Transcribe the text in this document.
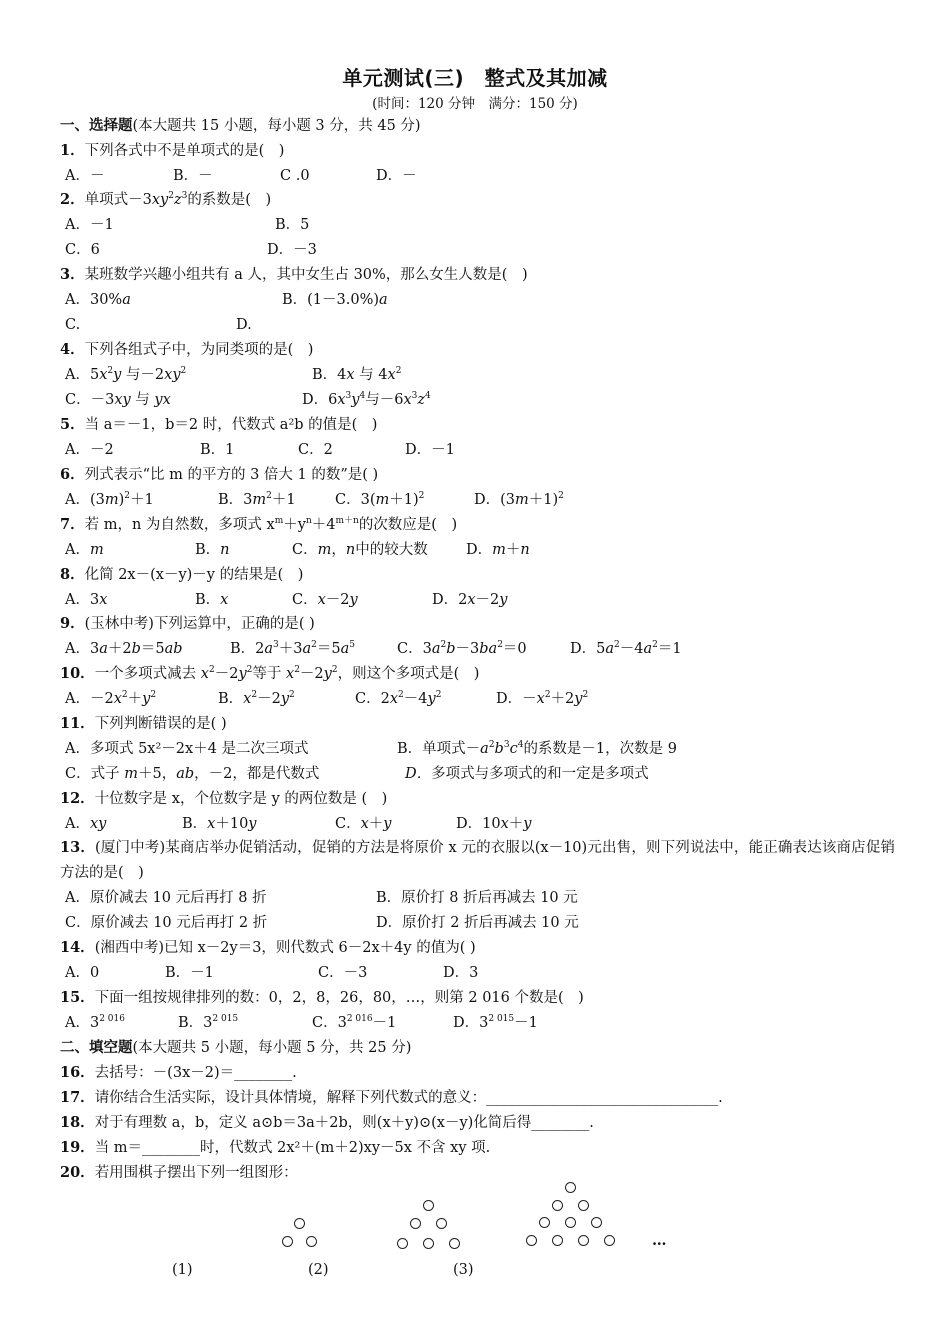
单元测试(三)　整式及其加减
(时间：120 分钟　满分：150 分)
一、选择题(本大题共 15 小题，每小题 3 分，共 45 分)
1．下列各式中不是单项式的是(　)
A．－	B．－	C .0	D．－
2．单项式$-3xy^2z^3$的系数是(　)
A．－1	B．5
C．6	D．－3
3．某班数学兴趣小组共有 a 人，其中女生占 30%，那么女生人数是(　)
A．30%a	B．(1－3.0%)a
C.	D.
4．下列各组式子中，为同类项的是(　)
A．$5x^2y$ 与$-2xy^2$	B．4x 与 $4x^2$
C．－3xy 与 yx	D．$6x^3y^4$与$-6x^3z^4$
5．当 a＝－1，b＝2 时，代数式 a²b 的值是(　)
A．－2	B．1	C．2	D．－1
6．列式表示“比 m 的平方的 3 倍大 1 的数”是( )
A．$(3m)^2+1$	B．$3m^2+1$	C．$3(m+1)^2$	D．$(3m+1)^2$
7．若 m，n 为自然数，多项式 $x^m+y^n+4^{m+n}$的次数应是(　)
A．m	B．n	C．m，n中的较大数	D．m＋n
8．化简 2x－(x－y)－y 的结果是(　)
A．3x	B．x	C．x－2y	D．2x－2y
9．(玉林中考)下列运算中，正确的是( )
A．3a＋2b＝5ab	B．$2a^3+3a^2=5a^5$	C．$3a^2b-3ba^2=0$	D．$5a^2-4a^2=1$
10．一个多项式减去 $x^2-2y^2$等于 $x^2-2y^2$，则这个多项式是(　)
A．$-2x^2+y^2$	B．$x^2-2y^2$	C．$2x^2-4y^2$	D．$-x^2+2y^2$
11．下列判断错误的是( )
A．多项式 5x²－2x＋4 是二次三项式	B．单项式$-a^2b^3c^4$的系数是－1，次数是 9
C．式子 m＋5，ab，－2，都是代数式	D．多项式与多项式的和一定是多项式
12．十位数字是 x，个位数字是 y 的两位数是 (　)
A．xy	B．x＋10y	C．x＋y	D．10x＋y
13．(厦门中考)某商店举办促销活动，促销的方法是将原价 x 元的衣服以(x－10)元出售，则下列说法中，能正确表达该商店促销方法的是(　)
A．原价减去 10 元后再打 8 折	B．原价打 8 折后再减去 10 元
C．原价减去 10 元后再打 2 折	D．原价打 2 折后再减去 10 元
14．(湘西中考)已知 x－2y＝3，则代数式 6－2x＋4y 的值为( )
A．0	B．－1	C．－3	D．3
15．下面一组按规律排列的数：0，2，8，26，80，…，则第 2 016 个数是(　)
A．$3^{2 016}$	B．$3^{2 015}$	C．$3^{2 016}-1$	D．$3^{2 015}-1$
二、填空题(本大题共 5 小题，每小题 5 分，共 25 分)
16．去括号：－(3x－2)＝________.
17．请你结合生活实际，设计具体情境，解释下列代数式的意义：________________________________.
18．对于有理数 a，b，定义 a⊙b＝3a＋2b，则(x＋y)⊙(x－y)化简后得________.
19．当 m＝________时，代数式 2x²＋(m＋2)xy－5x 不含 xy 项.
20．若用围棋子摆出下列一组图形：
…
(1)	(2)	(3)
